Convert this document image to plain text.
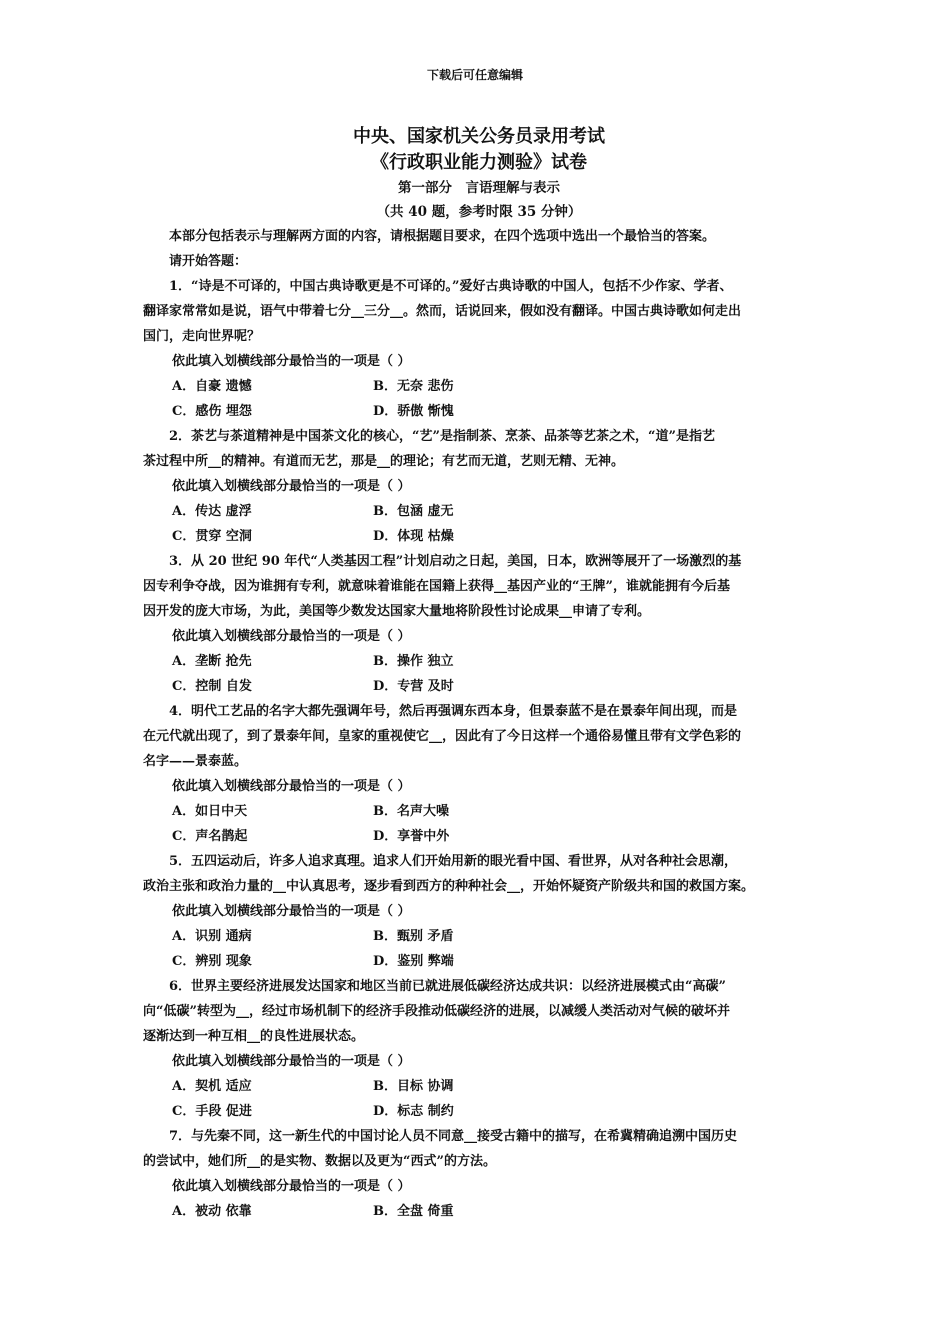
下载后可任意编辑
中央、国家机关公务员录用考试
《行政职业能力测验》试卷
第一部分　言语理解与表示
（共 40 题，参考时限 35 分钟）
本部分包括表示与理解两方面的内容，请根据题目要求，在四个选项中选出一个最恰当的答案。
请开始答题：
1．“诗是不可译的，中国古典诗歌更是不可译的。”爱好古典诗歌的中国人，包括不少作家、学者、
翻译家常常如是说，语气中带着七分__三分__。然而，话说回来，假如没有翻译。中国古典诗歌如何走出
国门，走向世界呢？
依此填入划横线部分最恰当的一项是（ ）
A．自豪 遗憾	B．无奈 悲伤
C．感伤 埋怨	D．骄傲 惭愧
2．茶艺与茶道精神是中国茶文化的核心，“艺”是指制茶、烹茶、品茶等艺茶之术，“道”是指艺
茶过程中所__的精神。有道而无艺，那是__的理论；有艺而无道，艺则无精、无神。
依此填入划横线部分最恰当的一项是（ ）
A．传达 虚浮	B．包涵 虚无
C．贯穿 空洞	D．体现 枯燥
3．从 20 世纪 90 年代“人类基因工程”计划启动之日起，美国，日本，欧洲等展开了一场激烈的基
因专利争夺战，因为谁拥有专利，就意味着谁能在国籍上获得__基因产业的“王牌”，谁就能拥有今后基
因开发的庞大市场，为此，美国等少数发达国家大量地将阶段性讨论成果__申请了专利。
依此填入划横线部分最恰当的一项是（ ）
A．垄断 抢先	B．操作 独立
C．控制 自发	D．专营 及时
4．明代工艺品的名字大都先强调年号，然后再强调东西本身，但景泰蓝不是在景泰年间出现，而是
在元代就出现了，到了景泰年间，皇家的重视使它__，因此有了今日这样一个通俗易懂且带有文学色彩的
名字——景泰蓝。
依此填入划横线部分最恰当的一项是（ ）
A．如日中天	B．名声大噪
C．声名鹊起	D．享誉中外
5．五四运动后，许多人追求真理。追求人们开始用新的眼光看中国、看世界，从对各种社会思潮，
政治主张和政治力量的__中认真思考，逐步看到西方的种种社会__，开始怀疑资产阶级共和国的救国方案。
依此填入划横线部分最恰当的一项是（ ）
A．识别 通病	B．甄别 矛盾
C．辨别 现象	D．鉴别 弊端
6．世界主要经济进展发达国家和地区当前已就进展低碳经济达成共识：以经济进展模式由“高碳”
向“低碳”转型为__，经过市场机制下的经济手段推动低碳经济的进展，以减缓人类活动对气候的破坏并
逐渐达到一种互相__的良性进展状态。
依此填入划横线部分最恰当的一项是（ ）
A．契机 适应	B．目标 协调
C．手段 促进	D．标志 制约
7．与先秦不同，这一新生代的中国讨论人员不同意__接受古籍中的描写，在希冀精确追溯中国历史
的尝试中，她们所__的是实物、数据以及更为“西式”的方法。
依此填入划横线部分最恰当的一项是（ ）
A．被动 依靠	B．全盘 倚重
